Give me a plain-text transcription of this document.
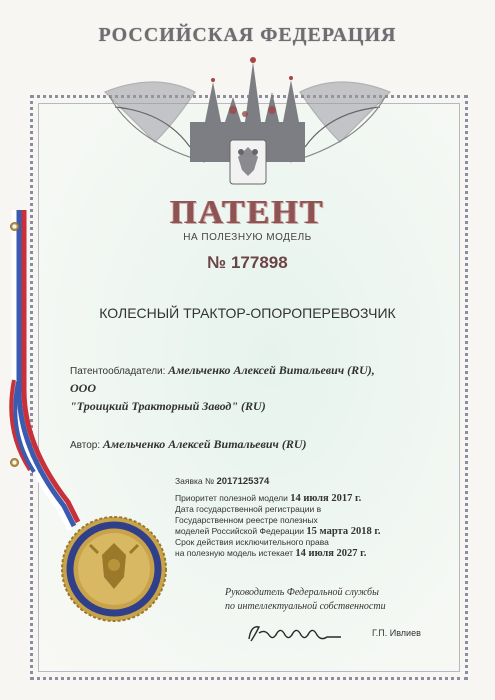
РОССИЙСКАЯ ФЕДЕРАЦИЯ
ПАТЕНТ
НА ПОЛЕЗНУЮ МОДЕЛЬ
№ 177898
КОЛЕСНЫЙ ТРАКТОР-ОПОРОПЕРЕВОЗЧИК
Патентообладатели: Амельченко Алексей Витальевич (RU), ООО
"Троицкий Тракторный Завод" (RU)
Автор: Амельченко Алексей Витальевич (RU)
Заявка № 2017125374
Приоритет полезной модели 14 июля 2017 г.
Дата государственной регистрации в
Государственном реестре полезных
моделей Российской Федерации 15 марта 2018 г.
Срок действия исключительного права
на полезную модель истекает 14 июля 2027 г.
Руководитель Федеральной службы
по интеллектуальной собственности
Г.П. Ивлиев
